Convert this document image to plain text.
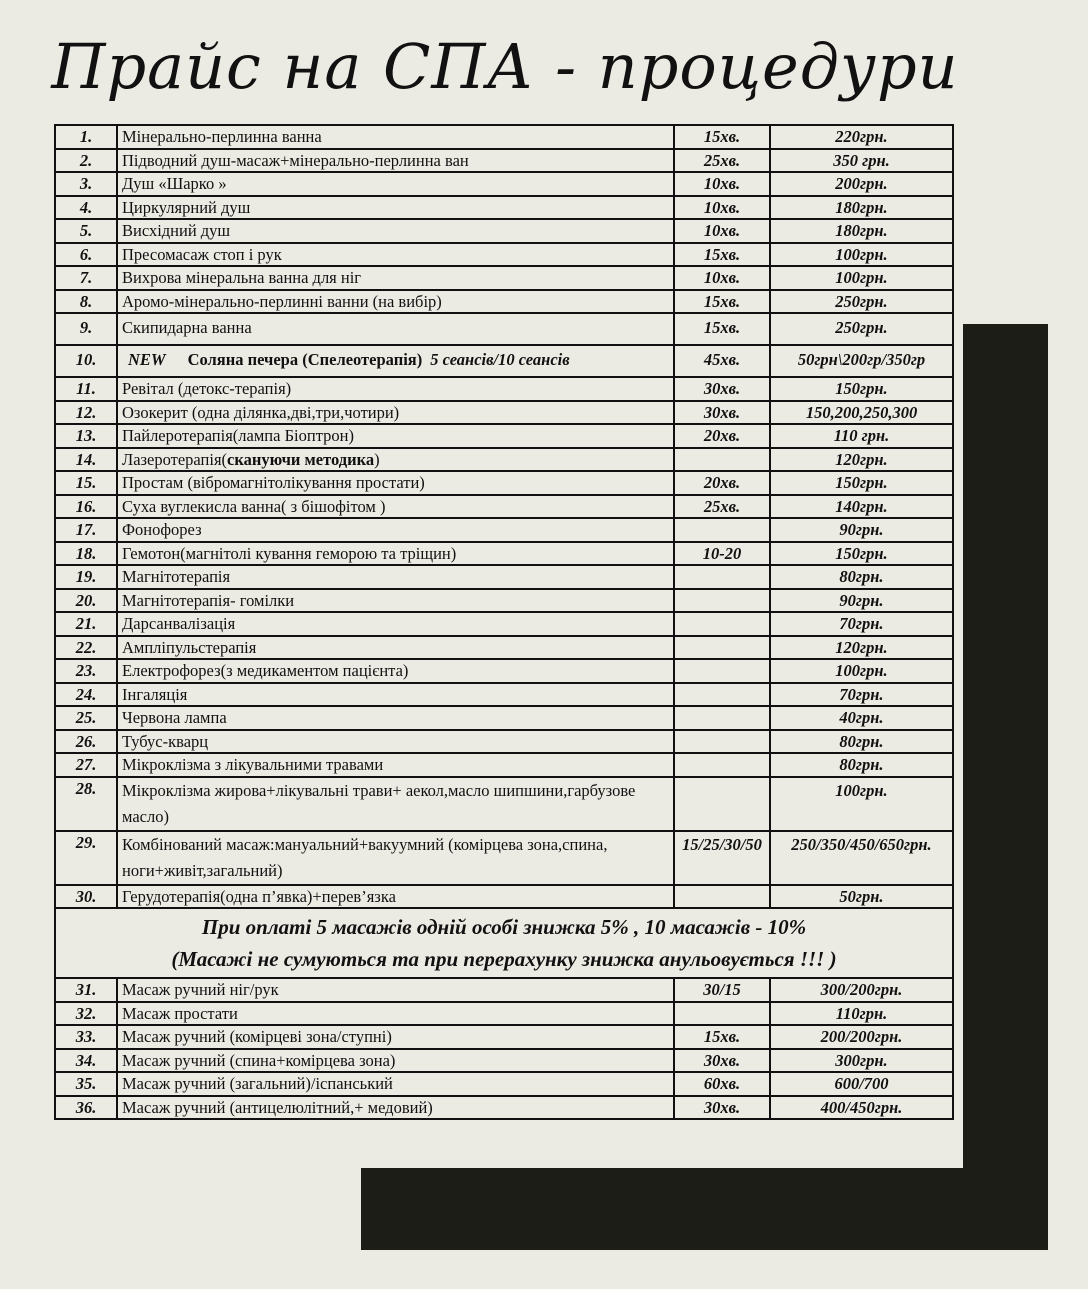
Прайс на СПА - процедури
1.	Мінерально-перлинна ванна	15хв.	220грн.
2.	Підводний душ-масаж+мінерально-перлинна ван	25хв.	350 грн.
3.	Душ «Шарко »	10хв.	200грн.
4.	Циркулярний душ	10хв.	180грн.
5.	Висхідний душ	10хв.	180грн.
6.	Пресомасаж стоп і рук	15хв.	100грн.
7.	Вихрова мінеральна ванна для ніг	10хв.	100грн.
8.	Аромо-мінерально-перлинні ванни (на вибір)	15хв.	250грн.
9.	Скипидарна ванна	15хв.	250грн.
10.	NEW Соляна печера (Спелеотерапія) 5 сеансів/10 сеансів	45хв.	50грн\200гр/350гр
11.	Ревітал (детокс-терапія)	30хв.	150грн.
12.	Озокерит (одна ділянка,дві,три,чотири)	30хв.	150,200,250,300
13.	Пайлеротерапія(лампа Біоптрон)	20хв.	110 грн.
14.	Лазеротерапія(скануючи методика)		120грн.
15.	Простам (вібромагнітолікування простати)	20хв.	150грн.
16.	Суха вуглекисла ванна( з бішофітом )	25хв.	140грн.
17.	Фонофорез		90грн.
18.	Гемотон(магнітолі кування геморою та тріщин)	10-20	150грн.
19.	Магнітотерапія		80грн.
20.	Магнітотерапія- гомілки		90грн.
21.	Дарсанвалізація		70грн.
22.	Ампліпульстерапія		120грн.
23.	Електрофорез(з медикаментом пацієнта)		100грн.
24.	Інгаляція		70грн.
25.	Червона лампа		40грн.
26.	Тубус-кварц		80грн.
27.	Мікроклізма з лікувальними травами		80грн.
28.	Мікроклізма жирова+лікувальні трави+ аекол,масло шипшини,гарбузове масло)		100грн.
29.	Комбінований масаж:мануальний+вакуумний (комірцева зона,спина, ноги+живіт,загальний)	15/25/30/50	250/350/450/650грн.
30.	Герудотерапія(одна п’явка)+перев’язка		50грн.

При оплаті 5 масажів одній особі знижка 5% , 10 масажів - 10%
(Масажі не сумуються та при перерахунку знижка анульовується !!! )			

31.	Масаж ручний ніг/рук	30/15	300/200грн.
32.	Масаж простати		110грн.
33.	Масаж ручний (комірцеві зона/ступні)	15хв.	200/200грн.
34.	Масаж ручний (спина+комірцева зона)	30хв.	300грн.
35.	Масаж ручний (загальний)/іспанський	60хв.	600/700
36.	Масаж ручний (антицелюлітний,+ медовий)	30хв.	400/450грн.
